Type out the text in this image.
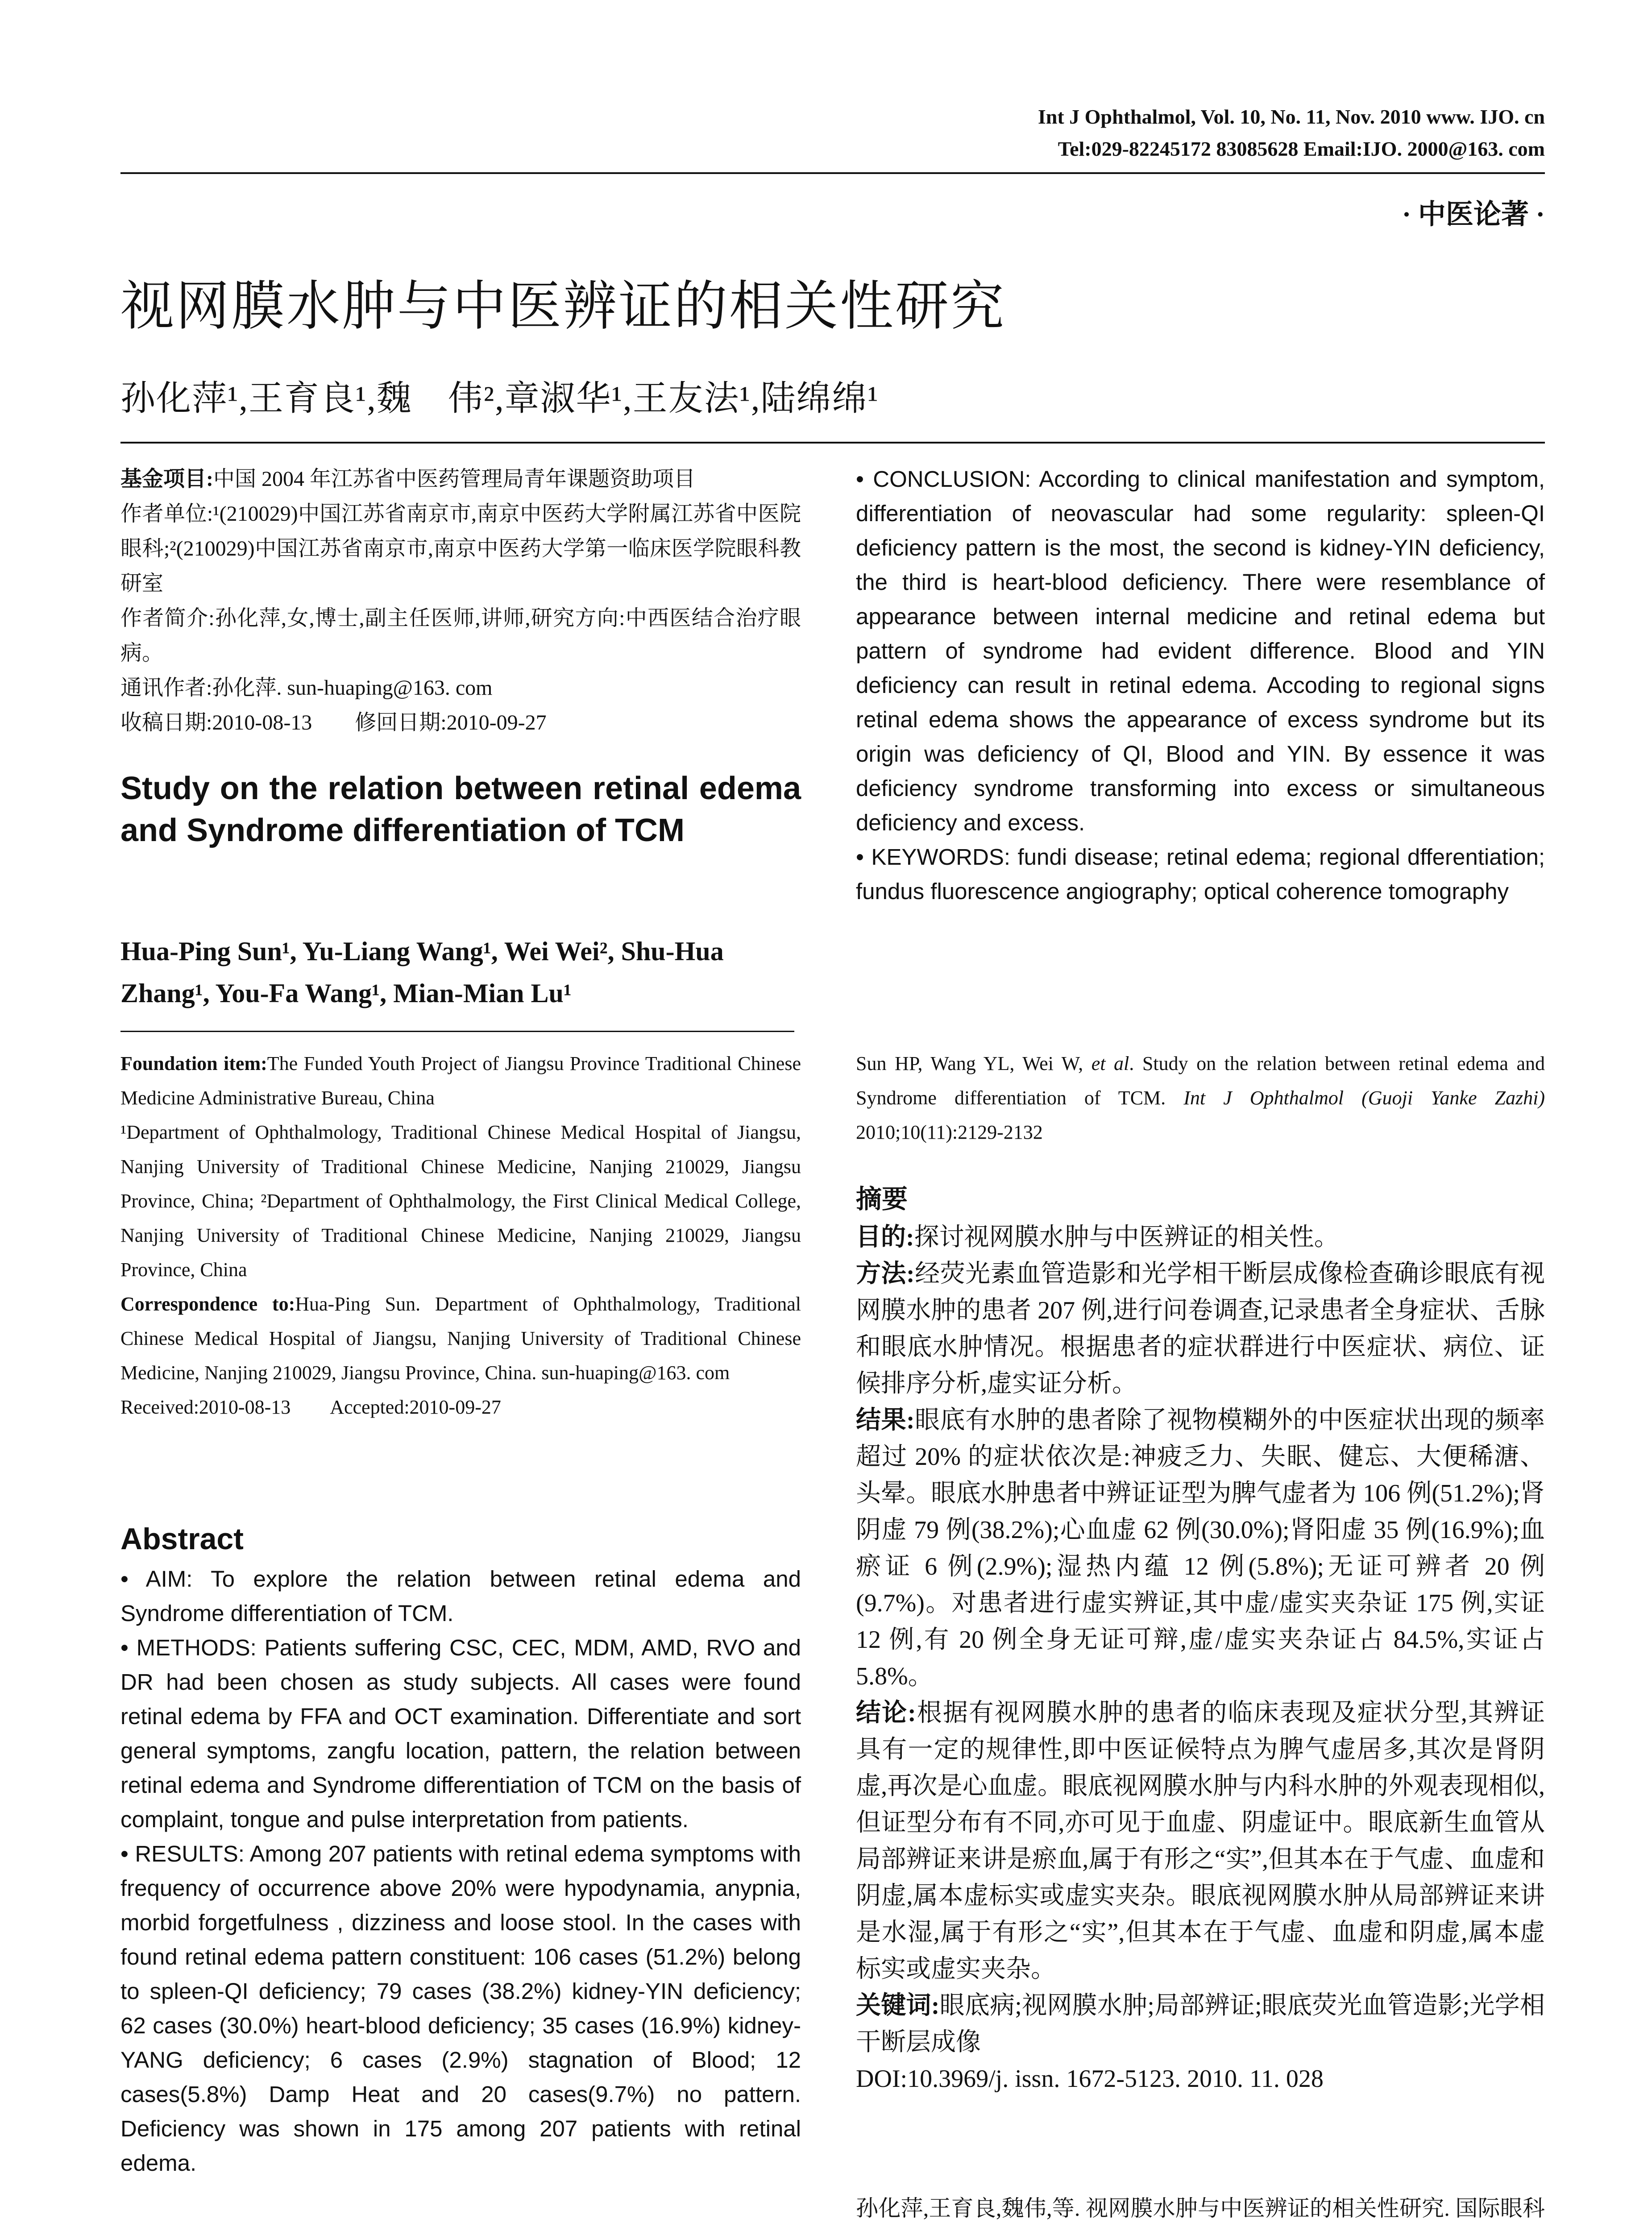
Int J Ophthalmol, Vol. 10, No. 11, Nov. 2010 www. IJO. cn
Tel:029-82245172 83085628 Email:IJO. 2000@163. com
· 中医论著 ·
视网膜水肿与中医辨证的相关性研究
孙化萍¹,王育良¹,魏　伟²,章淑华¹,王友法¹,陆绵绵¹

基金项目:中国 2004 年江苏省中医药管理局青年课题资助项目

作者单位:¹(210029)中国江苏省南京市,南京中医药大学附属江苏省中医院眼科;²(210029)中国江苏省南京市,南京中医药大学第一临床医学院眼科教研室

作者简介:孙化萍,女,博士,副主任医师,讲师,研究方向:中西医结合治疗眼病。

通讯作者:孙化萍. sun-huaping@163. com

收稿日期:2010-08-13　　修回日期:2010-09-27

Study on the relation between retinal edema and Syndrome differentiation of TCM
Hua-Ping Sun¹, Yu-Liang Wang¹, Wei Wei², Shu-Hua Zhang¹, You-Fa Wang¹, Mian-Mian Lu¹

Foundation item:The Funded Youth Project of Jiangsu Province Traditional Chinese Medicine Administrative Bureau, China

¹Department of Ophthalmology, Traditional Chinese Medical Hospital of Jiangsu, Nanjing University of Traditional Chinese Medicine, Nanjing 210029, Jiangsu Province, China; ²Department of Ophthalmology, the First Clinical Medical College, Nanjing University of Traditional Chinese Medicine, Nanjing 210029, Jiangsu Province, China

Correspondence to:Hua-Ping Sun. Department of Ophthalmology, Traditional Chinese Medical Hospital of Jiangsu, Nanjing University of Traditional Chinese Medicine, Nanjing 210029, Jiangsu Province, China. sun-huaping@163. com

Received:2010-08-13　　Accepted:2010-09-27

Abstract

• AIM: To explore the relation between retinal edema and Syndrome differentiation of TCM.

• METHODS: Patients suffering CSC, CEC, MDM, AMD, RVO and DR had been chosen as study subjects. All cases were found retinal edema by FFA and OCT examination. Differentiate and sort general symptoms, zangfu location, pattern, the relation between retinal edema and Syndrome differentiation of TCM on the basis of complaint, tongue and pulse interpretation from patients.

• RESULTS: Among 207 patients with retinal edema symptoms with frequency of occurrence above 20% were hypodynamia, anypnia, morbid forgetfulness , dizziness and loose stool. In the cases with found retinal edema pattern constituent: 106 cases (51.2%) belong to spleen-QI deficiency; 79 cases (38.2%) kidney-YIN deficiency; 62 cases (30.0%) heart-blood deficiency; 35 cases (16.9%) kidney-YANG deficiency; 6 cases (2.9%) stagnation of Blood; 12 cases(5.8%) Damp Heat and 20 cases(9.7%) no pattern. Deficiency was shown in 175 among 207 patients with retinal edema.

• CONCLUSION: According to clinical manifestation and symptom, differentiation of neovascular had some regularity: spleen-QI deficiency pattern is the most, the second is kidney-YIN deficiency, the third is heart-blood deficiency. There were resemblance of appearance between internal medicine and retinal edema but pattern of syndrome had evident difference. Blood and YIN deficiency can result in retinal edema. Accoding to regional signs retinal edema shows the appearance of excess syndrome but its origin was deficiency of QI, Blood and YIN. By essence it was deficiency syndrome transforming into excess or simultaneous deficiency and excess.

• KEYWORDS: fundi disease; retinal edema; regional dfferentiation; fundus fluorescence angiography; optical coherence tomography

Sun HP, Wang YL, Wei W, et al. Study on the relation between retinal edema and Syndrome differentiation of TCM. Int J Ophthalmol (Guoji Yanke Zazhi) 2010;10(11):2129-2132
摘要

目的:探讨视网膜水肿与中医辨证的相关性。

方法:经荧光素血管造影和光学相干断层成像检查确诊眼底有视网膜水肿的患者 207 例,进行问卷调查,记录患者全身症状、舌脉和眼底水肿情况。根据患者的症状群进行中医症状、病位、证候排序分析,虚实证分析。

结果:眼底有水肿的患者除了视物模糊外的中医症状出现的频率超过 20% 的症状依次是:神疲乏力、失眠、健忘、大便稀溏、头晕。眼底水肿患者中辨证证型为脾气虚者为 106 例(51.2%);肾阴虚 79 例(38.2%);心血虚 62 例(30.0%);肾阳虚 35 例(16.9%);血瘀证 6 例(2.9%);湿热内蕴 12 例(5.8%);无证可辨者 20 例(9.7%)。对患者进行虚实辨证,其中虚/虚实夹杂证 175 例,实证 12 例,有 20 例全身无证可辩,虚/虚实夹杂证占 84.5%,实证占 5.8%。

结论:根据有视网膜水肿的患者的临床表现及症状分型,其辨证具有一定的规律性,即中医证候特点为脾气虚居多,其次是肾阴虚,再次是心血虚。眼底视网膜水肿与内科水肿的外观表现相似,但证型分布有不同,亦可见于血虚、阴虚证中。眼底新生血管从局部辨证来讲是瘀血,属于有形之“实”,但其本在于气虚、血虚和阴虚,属本虚标实或虚实夹杂。眼底视网膜水肿从局部辨证来讲是水湿,属于有形之“实”,但其本在于气虚、血虚和阴虚,属本虚标实或虚实夹杂。

关键词:眼底病;视网膜水肿;局部辨证;眼底荧光血管造影;光学相干断层成像

DOI:10.3969/j. issn. 1672-5123. 2010. 11. 028

孙化萍,王育良,魏伟,等. 视网膜水肿与中医辨证的相关性研究. 国际眼科
